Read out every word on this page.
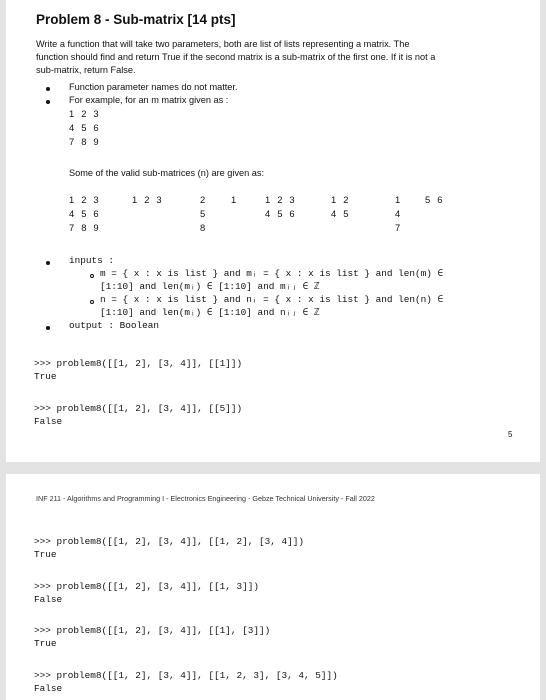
Problem 8 - Sub-matrix [14 pts]
Write a function that will take two parameters, both are list of lists representing a matrix. The
function should find and return True if the second matrix is a sub-matrix of the first one. If it is not a
sub-matrix, return False.
Function parameter names do not matter.
For example, for an m matrix given as :
1 2 3
4 5 6
7 8 9
Some of the valid sub-matrices (n) are given as:
1 2 3
4 5 6
7 8 9
1 2 3	2
5
8
1	1 2 3
4 5 6
1 2
4 5
1
4
7
5 6
inputs :
m = { x : x is list } and mᵢ = { x : x is list } and len(m) ∈
[1:10] and len(mᵢ) ∈ [1:10] and mᵢⱼ ∈ ℤ
n = { x : x is list } and nᵢ = { x : x is list } and len(n) ∈
[1:10] and len(mᵢ) ∈ [1:10] and nᵢⱼ ∈ ℤ
output : Boolean
>>> problem8([[1, 2], [3, 4]], [[1]])
True
>>> problem8([[1, 2], [3, 4]], [[5]])
False
5
INF 211 - Algorithms and Programming I - Electronics Engineering - Gebze Technical University - Fall 2022
>>> problem8([[1, 2], [3, 4]], [[1, 2], [3, 4]])
True
>>> problem8([[1, 2], [3, 4]], [[1, 3]])
False
>>> problem8([[1, 2], [3, 4]], [[1], [3]])
True
>>> problem8([[1, 2], [3, 4]], [[1, 2, 3], [3, 4, 5]])
False
